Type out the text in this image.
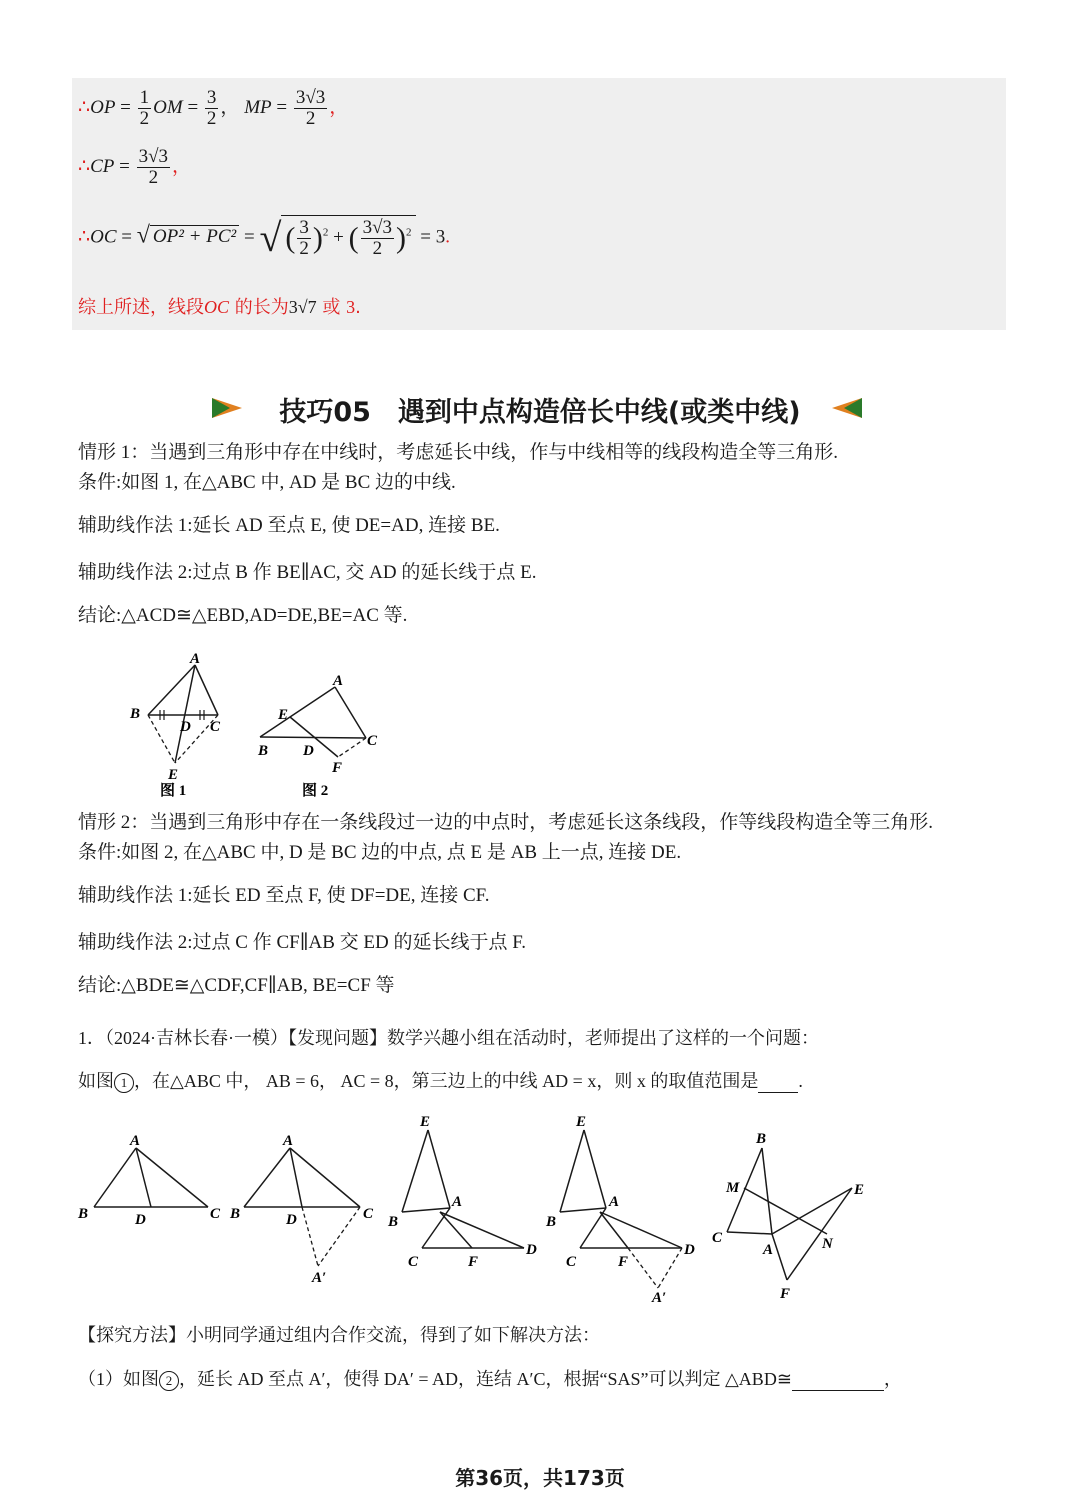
∴OP = $\frac{1}{2}$ OM = $\frac{3}{2}$ ， MP = $\frac{3√3}{2}$ ，
∴CP = $\frac{3√3}{2}$ ，
∴OC = √ OP² + PC² = √ ( $\frac{3}{2} )^2$ + ( $\frac{3√3}{2} )^2 = 3$.
综上所述，线段OC 的长为3√7 或 3.
技巧05　遇到中点构造倍长中线(或类中线)
情形 1：当遇到三角形中存在中线时，考虑延长中线，作与中线相等的线段构造全等三角形.
条件:如图 1, 在△ABC 中, AD 是 BC 边的中线.
辅助线作法 1:延长 AD 至点 E, 使 DE=AD, 连接 BE.
辅助线作法 2:过点 B 作 BE∥AC, 交 AD 的延长线于点 E.
结论:△ACD≅△EBD,AD=DE,BE=AC 等.
A
B
C
D
E
图 1	图 2
A
E
B D
C
F
情形 2：当遇到三角形中存在一条线段过一边的中点时，考虑延长这条线段，作等线段构造全等三角形.
条件:如图 2, 在△ABC 中, D 是 BC 边的中点, 点 E 是 AB 上一点, 连接 DE.
辅助线作法 1:延长 ED 至点 F, 使 DF=DE, 连接 CF.
辅助线作法 2:过点 C 作 CF∥AB 交 ED 的延长线于点 F.
结论:△BDE≅△CDF,CF∥AB, BE=CF 等
1．（2024·吉林长春·一模）【发现问题】数学兴趣小组在活动时，老师提出了这样的一个问题：
如图 1 ，在△ABC 中， AB = 6， AC = 8，第三边上的中线 AD = x，则 x 的取值范围是 .
A
B	D	C
A
B	D	C
A′
E
A
B
C	F
D
E
A
B
C	F
D
A′
B
M	E
C
A	N
F
【探究方法】小明同学通过组内合作交流，得到了如下解决方法：
（1）如图 2 ，延长 AD 至点 A′，使得 DA′ = AD，连结 A′C，根据“SAS”可以判定 △ABD≅	，
第36页，共173页
